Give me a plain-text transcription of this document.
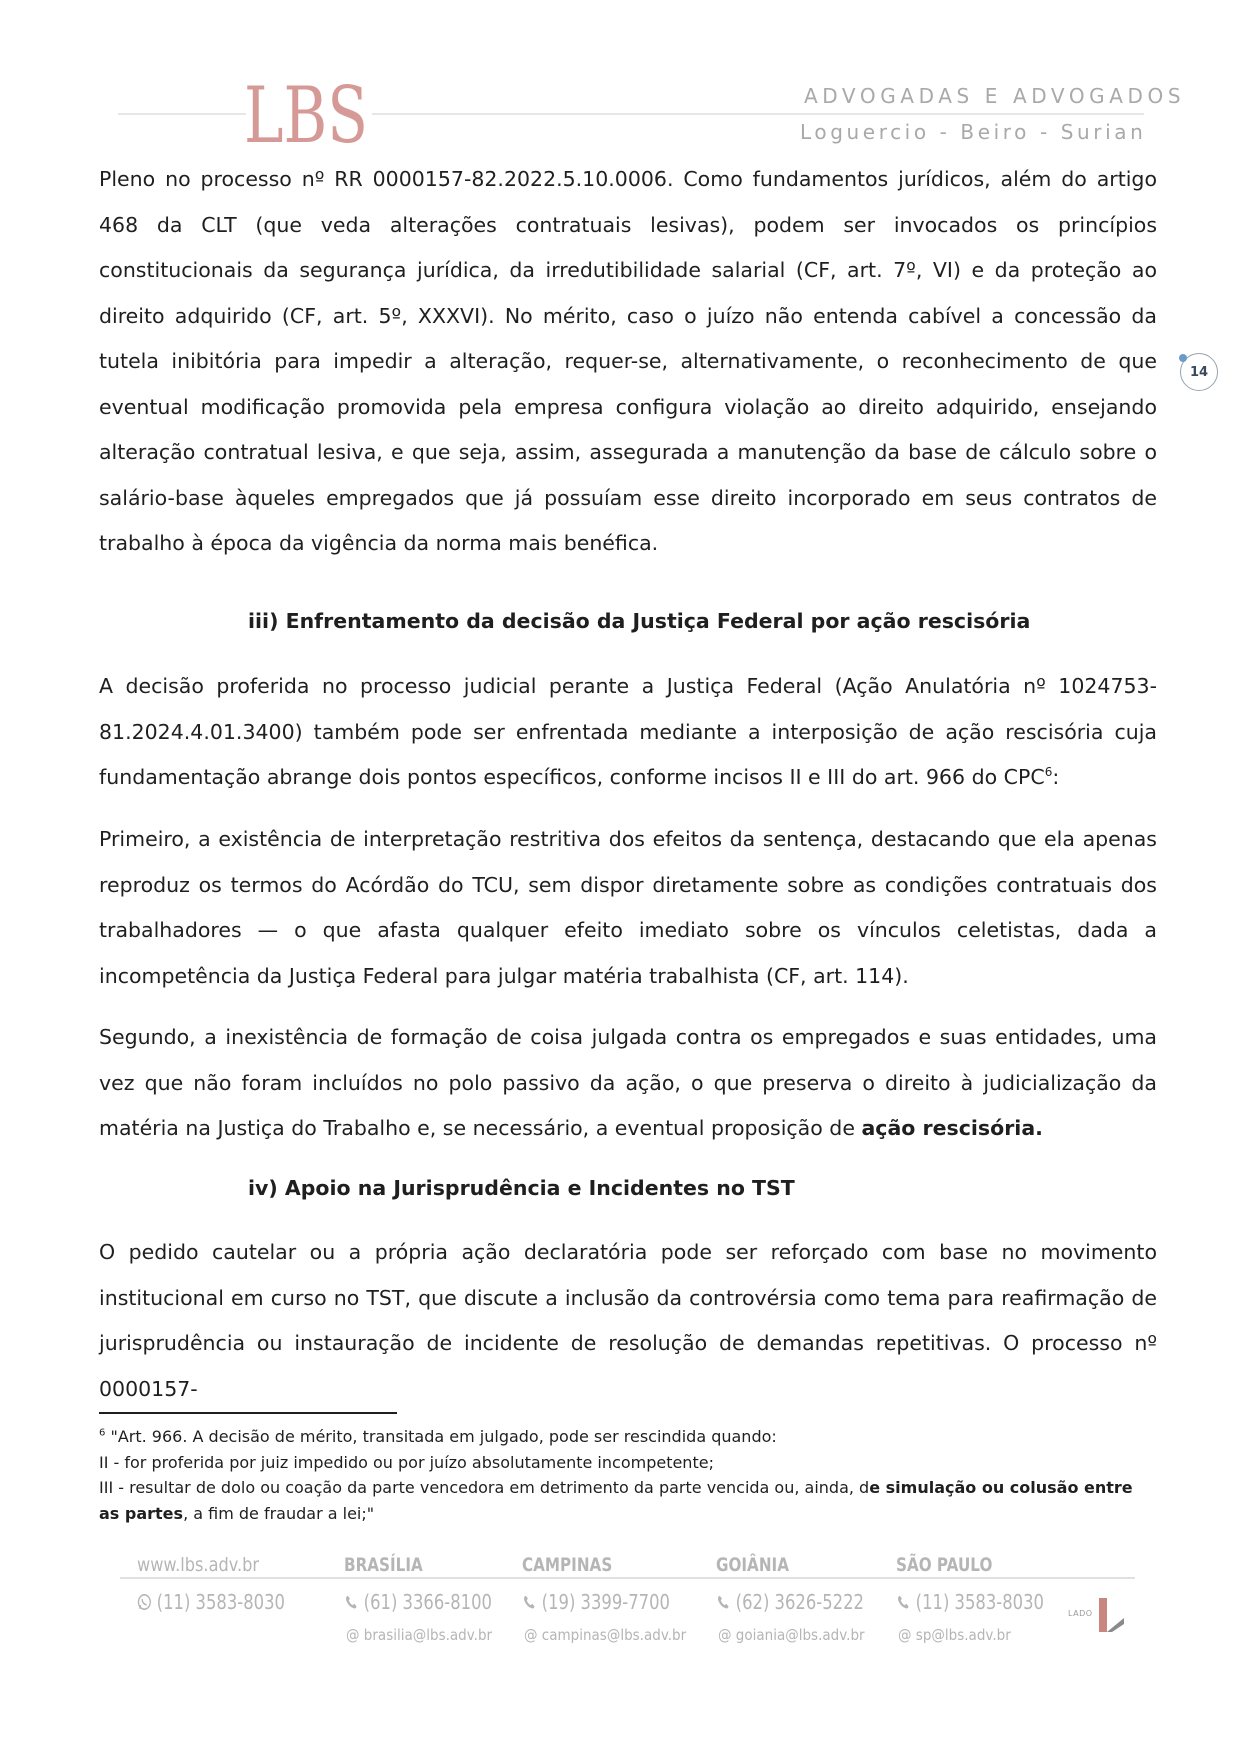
LBS	ADVOGADAS E ADVOGADOS
Loguercio - Beiro - Surian
14
Pleno no processo nº RR 0000157-82.2022.5.10.0006. Como fundamentos jurídicos, além do artigo 468 da CLT (que veda alterações contratuais lesivas), podem ser invocados os princípios constitucionais da segurança jurídica, da irredutibilidade salarial (CF, art. 7º, VI) e da proteção ao direito adquirido (CF, art. 5º, XXXVI). No mérito, caso o juízo não entenda cabível a concessão da tutela inibitória para impedir a alteração, requer-se, alternativamente, o reconhecimento de que eventual modificação promovida pela empresa configura violação ao direito adquirido, ensejando alteração contratual lesiva, e que seja, assim, assegurada a manutenção da base de cálculo sobre o salário-base àqueles empregados que já possuíam esse direito incorporado em seus contratos de trabalho à época da vigência da norma mais benéfica.
iii) Enfrentamento da decisão da Justiça Federal por ação rescisória
A decisão proferida no processo judicial perante a Justiça Federal (Ação Anulatória nº 1024753-81.2024.4.01.3400) também pode ser enfrentada mediante a interposição de ação rescisória cuja fundamentação abrange dois pontos específicos, conforme incisos II e III do art. 966 do CPC$^6$:
Primeiro, a existência de interpretação restritiva dos efeitos da sentença, destacando que ela apenas reproduz os termos do Acórdão do TCU, sem dispor diretamente sobre as condições contratuais dos trabalhadores — o que afasta qualquer efeito imediato sobre os vínculos celetistas, dada a incompetência da Justiça Federal para julgar matéria trabalhista (CF, art. 114).
Segundo, a inexistência de formação de coisa julgada contra os empregados e suas entidades, uma vez que não foram incluídos no polo passivo da ação, o que preserva o direito à judicialização da matéria na Justiça do Trabalho e, se necessário, a eventual proposição de ação rescisória.
iv) Apoio na Jurisprudência e Incidentes no TST
O pedido cautelar ou a própria ação declaratória pode ser reforçado com base no movimento institucional em curso no TST, que discute a inclusão da controvérsia como tema para reafirmação de jurisprudência ou instauração de incidente de resolução de demandas repetitivas. O processo nº 0000157-
$^6$ "Art. 966. A decisão de mérito, transitada em julgado, pode ser rescindida quando:
II - for proferida por juiz impedido ou por juízo absolutamente incompetente;
III - resultar de dolo ou coação da parte vencedora em detrimento da parte vencida ou, ainda, de simulação ou colusão entre
as partes, a fim de fraudar a lei;"
www.lbs.adv.br
(11) 3583-8030
BRASÍLIA
(61) 3366-8100
@ brasilia@lbs.adv.br
CAMPINAS
(19) 3399-7700
@ campinas@lbs.adv.br
GOIÂNIA
(62) 3626-5222
@ goiania@lbs.adv.br
SÃO PAULO
(11) 3583-8030
@ sp@lbs.adv.br
LADO
